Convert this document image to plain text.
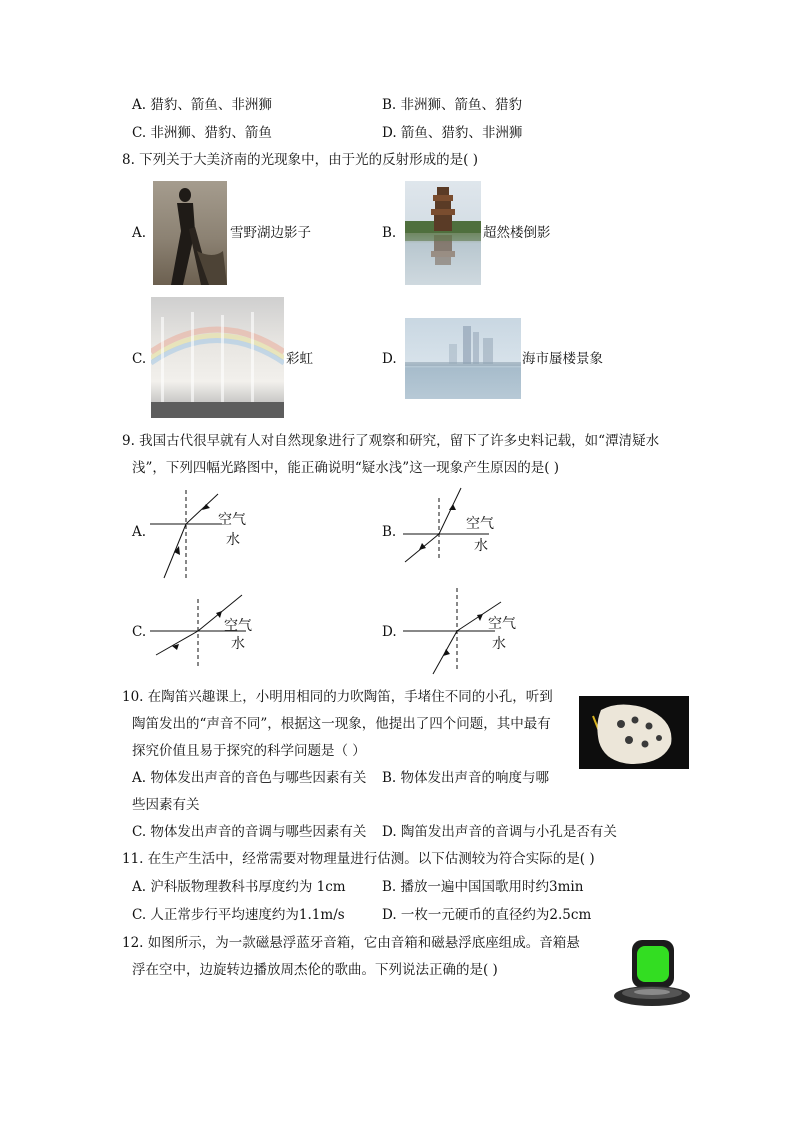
A. 猎豹、箭鱼、非洲狮	B. 非洲狮、箭鱼、猎豹
C. 非洲狮、猎豹、箭鱼	D. 箭鱼、猎豹、非洲狮
8. 下列关于大美济南的光现象中，由于光的反射形成的是( )
A.	雪野湖边影子	B.	超然楼倒影
C.	彩虹	D.	海市蜃楼景象
9. 我国古代很早就有人对自然现象进行了观察和研究，留下了许多史料记载，如“潭清疑水
浅”，下列四幅光路图中，能正确说明“疑水浅”这一现象产生原因的是( )
A.
空气
水	B.	空气
水
C.	空气
水
D.	空气
水
10. 在陶笛兴趣课上，小明用相同的力吹陶笛，手堵住不同的小孔，听到
陶笛发出的“声音不同”，根据这一现象，他提出了四个问题，其中最有
探究价值且易于探究的科学问题是（ ）
A. 物体发出声音的音色与哪些因素有关 B. 物体发出声音的响度与哪
些因素有关
C. 物体发出声音的音调与哪些因素有关 D. 陶笛发出声音的音调与小孔是否有关
11. 在生产生活中，经常需要对物理量进行估测。以下估测较为符合实际的是( )
A. 沪科版物理教科书厚度约为 1cm	B. 播放一遍中国国歌用时约3min
C. 人正常步行平均速度约为1.1m/s	D. 一枚一元硬币的直径约为2.5cm
12. 如图所示，为一款磁悬浮蓝牙音箱，它由音箱和磁悬浮底座组成。音箱悬
浮在空中，边旋转边播放周杰伦的歌曲。下列说法正确的是( )
